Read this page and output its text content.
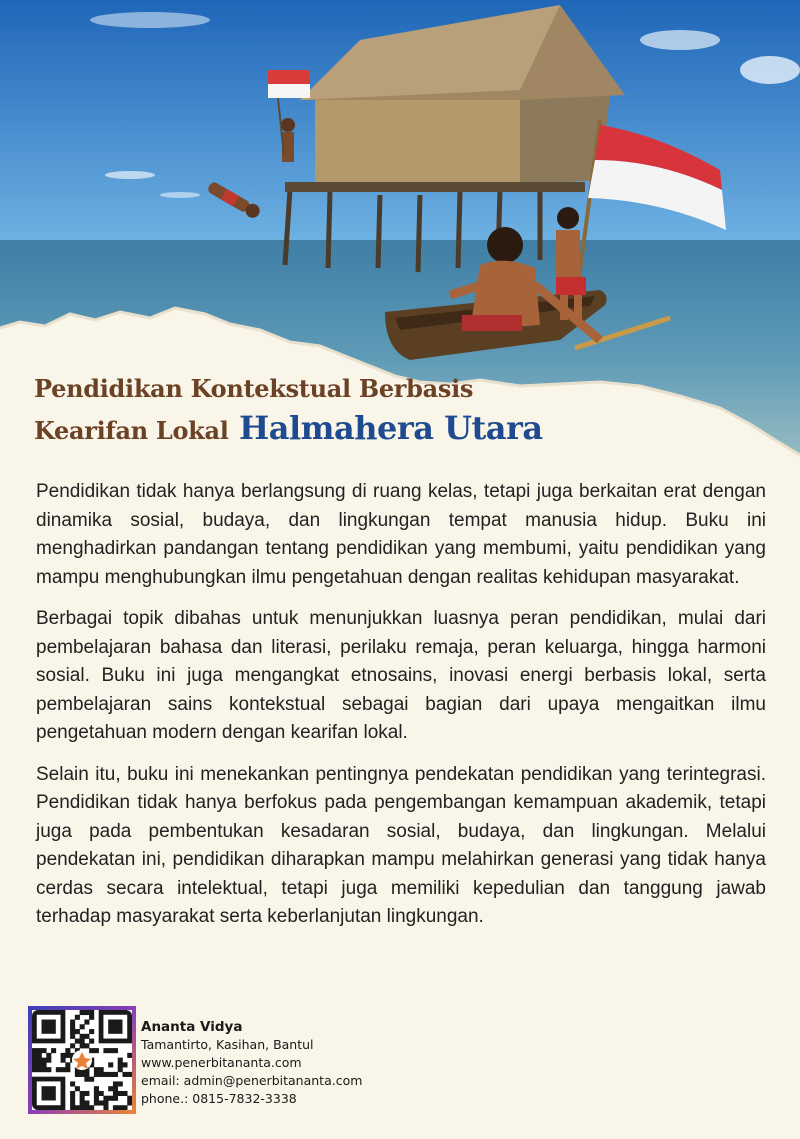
Pendidikan Kontekstual Berbasis
Kearifan Lokal Halmahera Utara

Pendidikan tidak hanya berlangsung di ruang kelas, tetapi juga berkaitan erat dengan dinamika sosial, budaya, dan lingkungan tempat manusia hidup. Buku ini menghadirkan pandangan tentang pendidikan yang membumi, yaitu pendidikan yang mampu menghubungkan ilmu pengetahuan dengan realitas kehidupan masyarakat.

Berbagai topik dibahas untuk menunjukkan luasnya peran pendidikan, mulai dari pembelajaran bahasa dan literasi, perilaku remaja, peran keluarga, hingga harmoni sosial. Buku ini juga mengangkat etnosains, inovasi energi berbasis lokal, serta pembelajaran sains kontekstual sebagai bagian dari upaya mengaitkan ilmu pengetahuan modern dengan kearifan lokal.

Selain itu, buku ini menekankan pentingnya pendekatan pendidikan yang terintegrasi. Pendidikan tidak hanya berfokus pada pengembangan kemampuan akademik, tetapi juga pada pembentukan kesadaran sosial, budaya, dan lingkungan. Melalui pendekatan ini, pendidikan diharapkan mampu melahirkan generasi yang tidak hanya cerdas secara intelektual, tetapi juga memiliki kepedulian dan tanggung jawab terhadap masyarakat serta keberlanjutan lingkungan.

Ananta Vidya
Tamantirto, Kasihan, Bantul
www.penerbitananta.com
email: admin@penerbitananta.com
phone.: 0815-7832-3338
